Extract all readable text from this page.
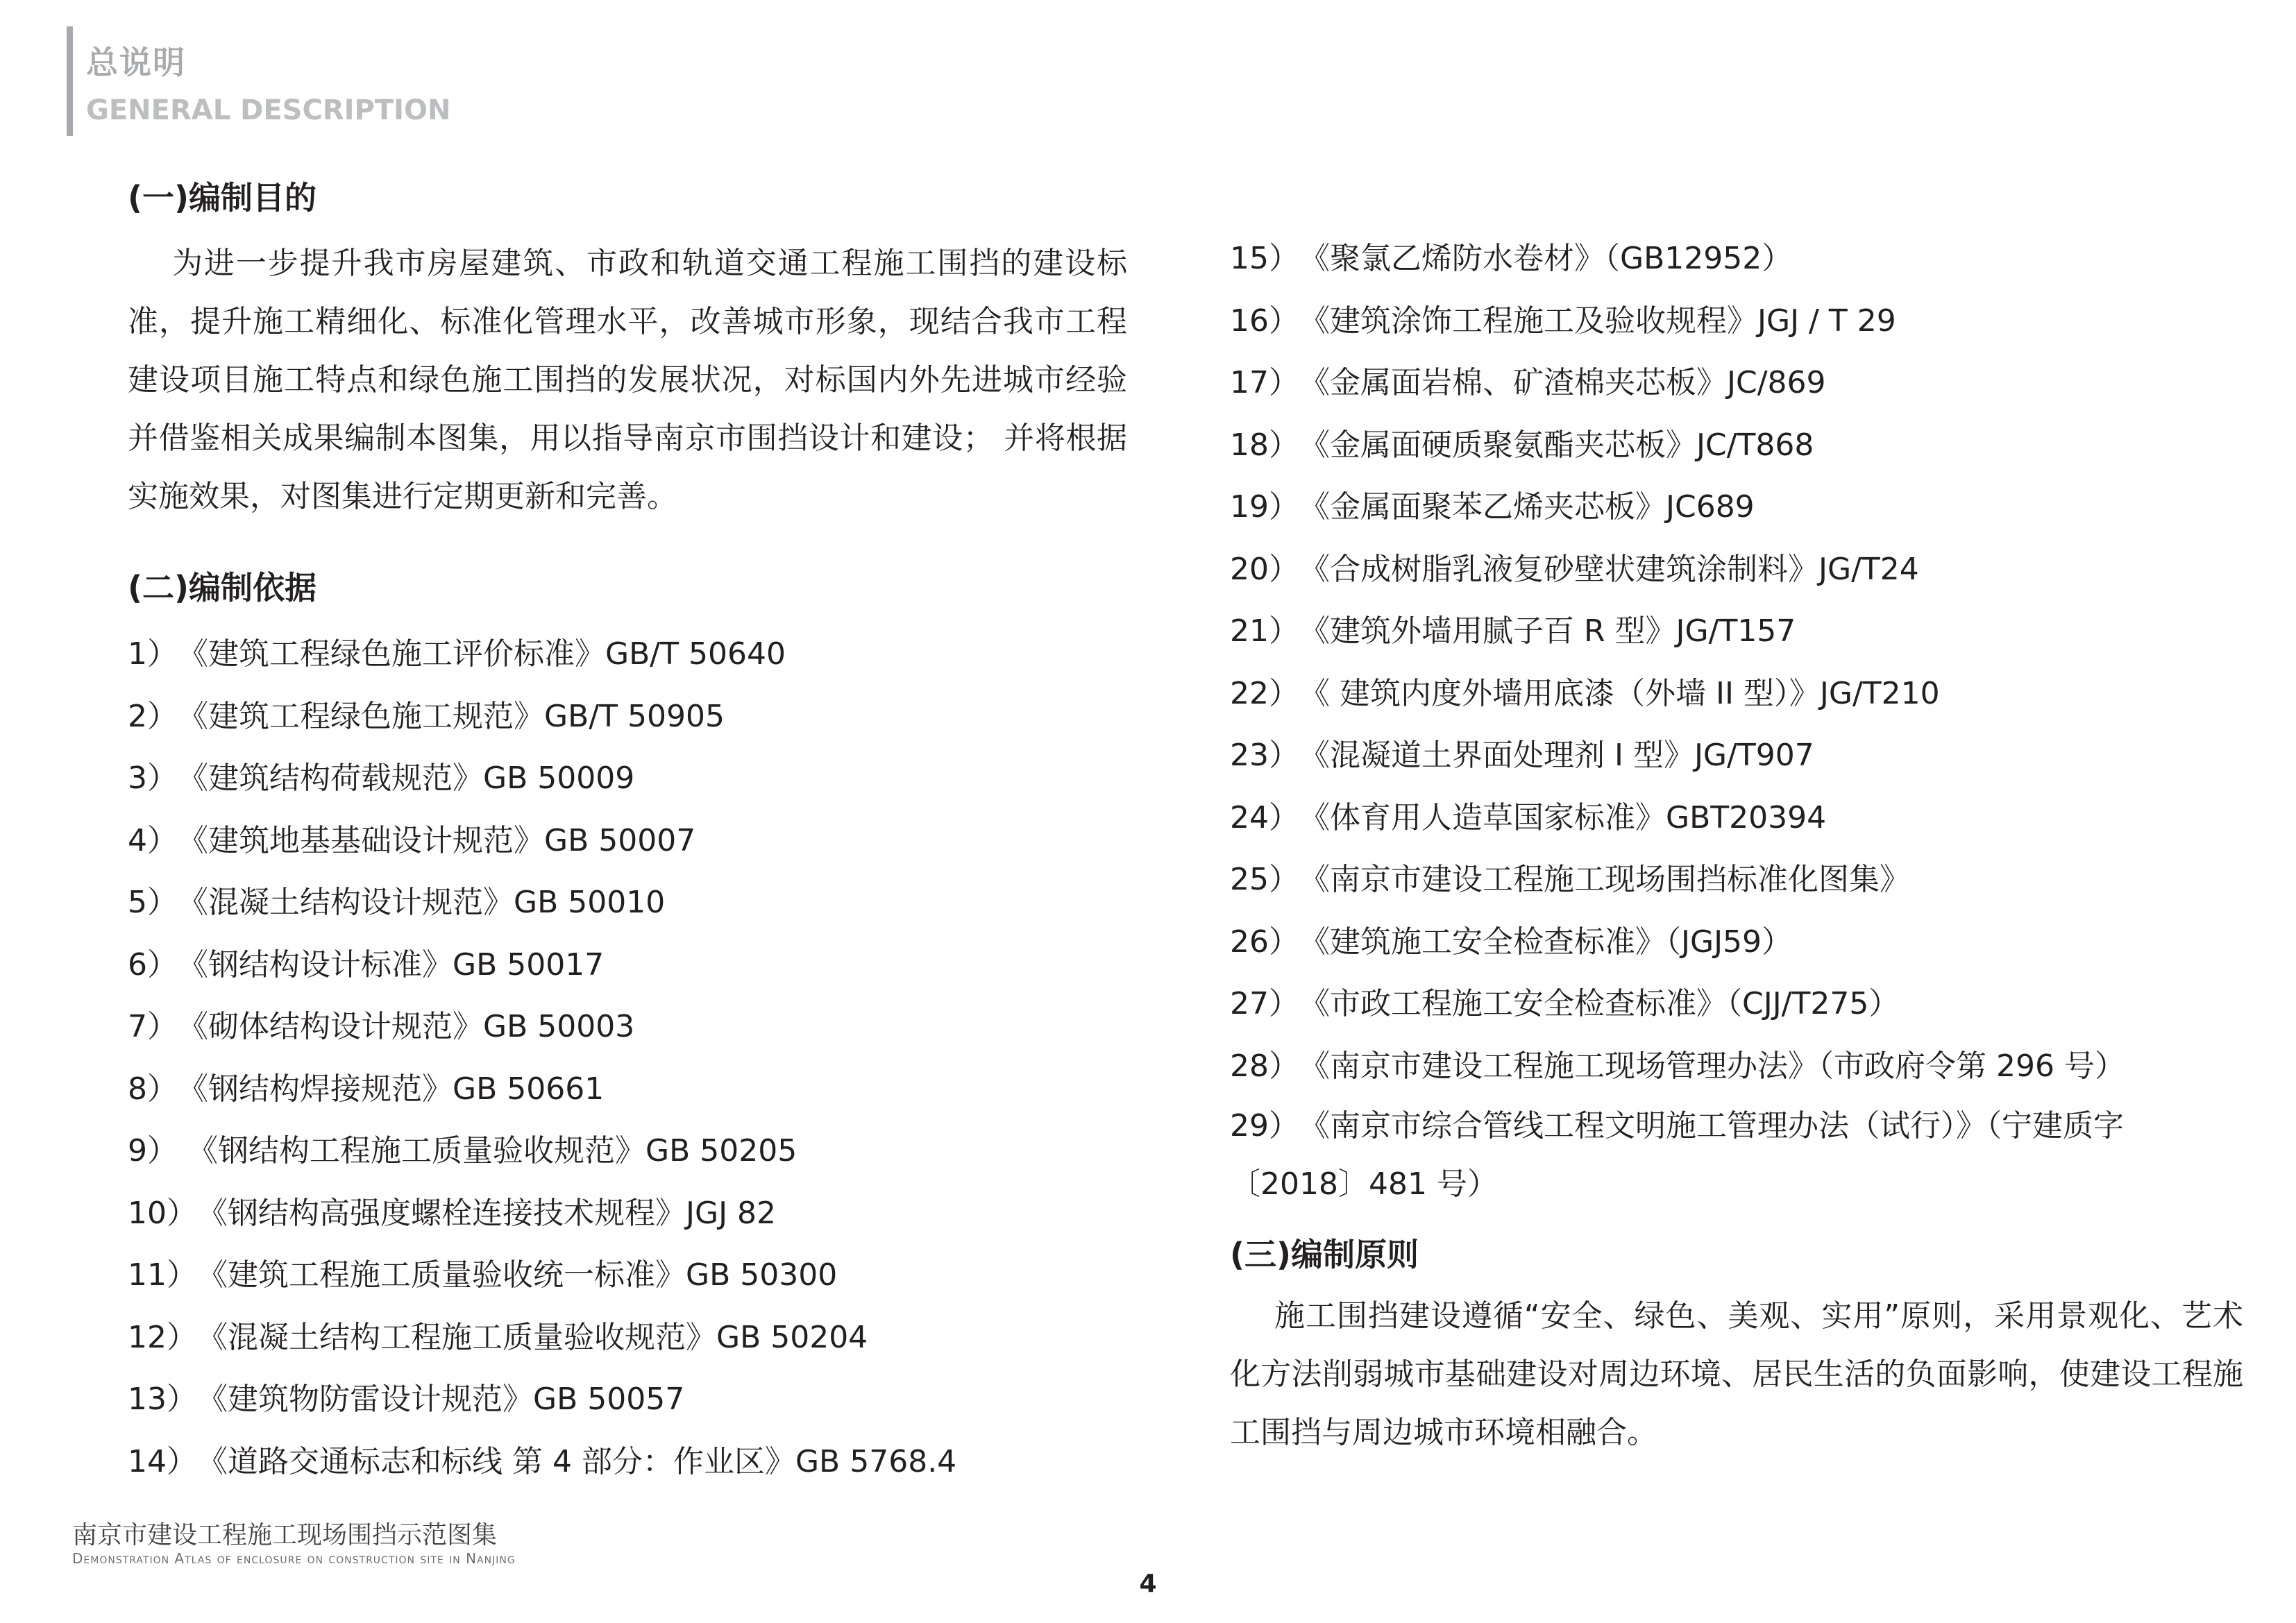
总说明
GENERAL DESCRIPTION
(一)编制目的

为进一步提升我市房屋建筑、市政和轨道交通工程施工围挡的建设标准，提升施工精细化、标准化管理水平，改善城市形象，现结合我市工程建设项目施工特点和绿色施工围挡的发展状况，对标国内外先进城市经验并借鉴相关成果编制本图集，用以指导南京市围挡设计和建设； 并将根据实施效果，对图集进行定期更新和完善。

(二)编制依据
1）《建筑工程绿色施工评价标准》GB/T 50640
2）《建筑工程绿色施工规范》GB/T 50905
3）《建筑结构荷载规范》GB 50009
4）《建筑地基基础设计规范》GB 50007
5）《混凝土结构设计规范》GB 50010
6）《钢结构设计标准》GB 50017
7）《砌体结构设计规范》GB 50003
8）《钢结构焊接规范》GB 50661
9） 《钢结构工程施工质量验收规范》GB 50205
10）《钢结构高强度螺栓连接技术规程》JGJ 82
11）《建筑工程施工质量验收统一标准》GB 50300
12）《混凝土结构工程施工质量验收规范》GB 50204
13）《建筑物防雷设计规范》GB 50057
14）《道路交通标志和标线 第 4 部分：作业区》GB 5768.4
15）《聚氯乙烯防水卷材》（GB12952）
16）《建筑涂饰工程施工及验收规程》JGJ / T 29
17）《金属面岩棉、矿渣棉夹芯板》JC/869
18）《金属面硬质聚氨酯夹芯板》JC/T868
19）《金属面聚苯乙烯夹芯板》JC689
20）《合成树脂乳液复砂壁状建筑涂制料》JG/T24
21）《建筑外墙用腻子百 R 型》JG/T157
22）《 建筑内度外墙用底漆（外墙 II 型）》JG/T210
23）《混凝道土界面处理剂 I 型》JG/T907
24）《体育用人造草国家标准》GBT20394
25）《南京市建设工程施工现场围挡标准化图集》
26）《建筑施工安全检查标准》（JGJ59）
27）《市政工程施工安全检查标准》（CJJ/T275）
28）《南京市建设工程施工现场管理办法》（市政府令第 296 号）
29）《南京市综合管线工程文明施工管理办法（试行）》（宁建质字〔2018〕481 号）
(三)编制原则

施工围挡建设遵循“安全、绿色、美观、实用”原则，采用景观化、艺术化方法削弱城市基础建设对周边环境、居民生活的负面影响，使建设工程施工围挡与周边城市环境相融合。

南京市建设工程施工现场围挡示范图集
Demonstration Atlas of enclosure on construction site in Nanjing
4
